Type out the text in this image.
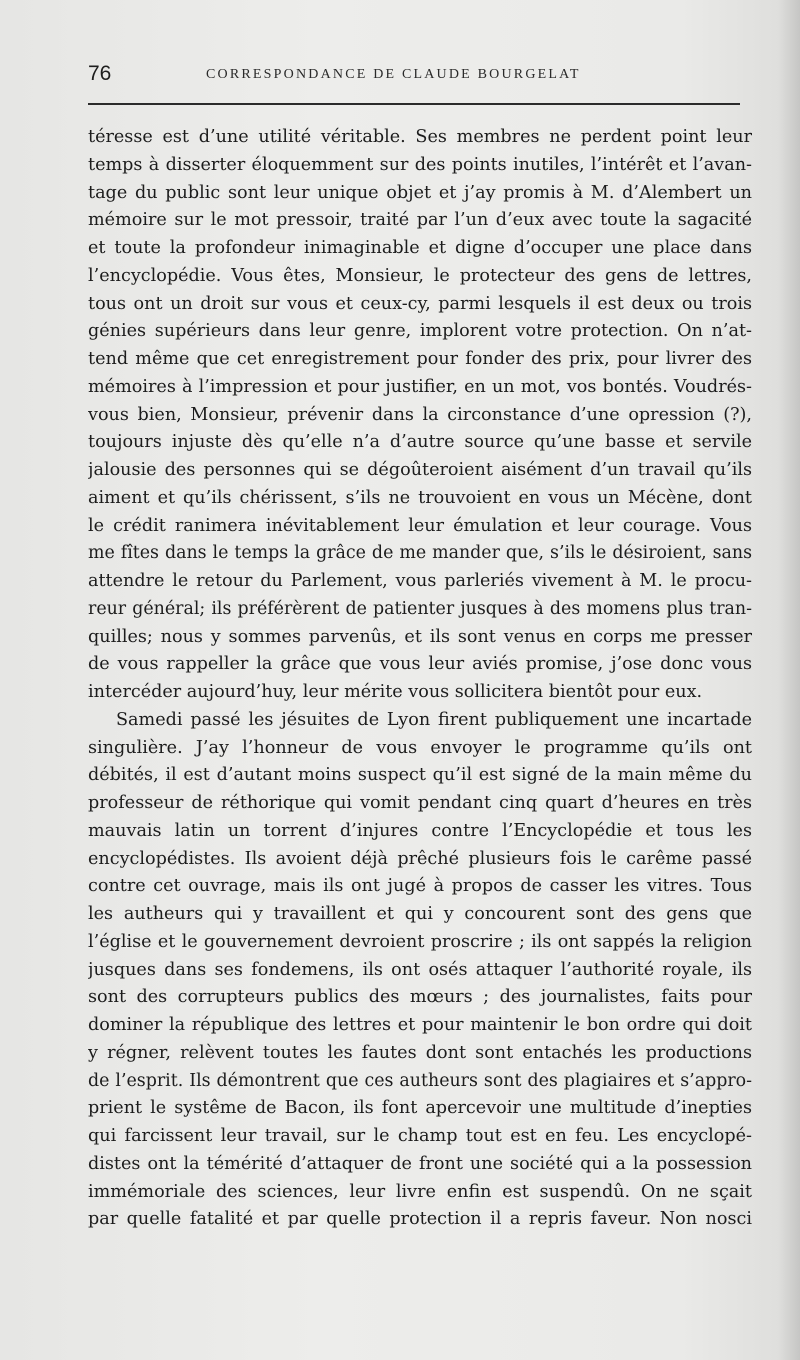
76	CORRESPONDANCE DE CLAUDE BOURGELAT
téresse est d’une utilité véritable. Ses membres ne perdent point leur
temps à disserter éloquemment sur des points inutiles, l’intérêt et l’avan-
tage du public sont leur unique objet et j’ay promis à M. d’Alembert un
mémoire sur le mot pressoir, traité par l’un d’eux avec toute la sagacité
et toute la profondeur inimaginable et digne d’occuper une place dans
l’encyclopédie. Vous êtes, Monsieur, le protecteur des gens de lettres,
tous ont un droit sur vous et ceux-cy, parmi lesquels il est deux ou trois
génies supérieurs dans leur genre, implorent votre protection. On n’at-
tend même que cet enregistrement pour fonder des prix, pour livrer des
mémoires à l’impression et pour justifier, en un mot, vos bontés. Voudrés-
vous bien, Monsieur, prévenir dans la circonstance d’une opression (?),
toujours injuste dès qu’elle n’a d’autre source qu’une basse et servile
jalousie des personnes qui se dégoûteroient aisément d’un travail qu’ils
aiment et qu’ils chérissent, s’ils ne trouvoient en vous un Mécène, dont
le crédit ranimera inévitablement leur émulation et leur courage. Vous
me fîtes dans le temps la grâce de me mander que, s’ils le désiroient, sans
attendre le retour du Parlement, vous parleriés vivement à M. le procu-
reur général; ils préférèrent de patienter jusques à des momens plus tran-
quilles; nous y sommes parvenûs, et ils sont venus en corps me presser
de vous rappeller la grâce que vous leur aviés promise, j’ose donc vous
intercéder aujourd’huy, leur mérite vous sollicitera bientôt pour eux.
Samedi passé les jésuites de Lyon firent publiquement une incartade
singulière. J’ay l’honneur de vous envoyer le programme qu’ils ont
débités, il est d’autant moins suspect qu’il est signé de la main même du
professeur de réthorique qui vomit pendant cinq quart d’heures en très
mauvais latin un torrent d’injures contre l’Encyclopédie et tous les
encyclopédistes. Ils avoient déjà prêché plusieurs fois le carême passé
contre cet ouvrage, mais ils ont jugé à propos de casser les vitres. Tous
les autheurs qui y travaillent et qui y concourent sont des gens que
l’église et le gouvernement devroient proscrire ; ils ont sappés la religion
jusques dans ses fondemens, ils ont osés attaquer l’authorité royale, ils
sont des corrupteurs publics des mœurs ; des journalistes, faits pour
dominer la république des lettres et pour maintenir le bon ordre qui doit
y régner, relèvent toutes les fautes dont sont entachés les productions
de l’esprit. Ils démontrent que ces autheurs sont des plagiaires et s’appro-
prient le systême de Bacon, ils font apercevoir une multitude d’inepties
qui farcissent leur travail, sur le champ tout est en feu. Les encyclopé-
distes ont la témérité d’attaquer de front une société qui a la possession
immémoriale des sciences, leur livre enfin est suspendû. On ne sçait
par quelle fatalité et par quelle protection il a repris faveur. Non nosci
